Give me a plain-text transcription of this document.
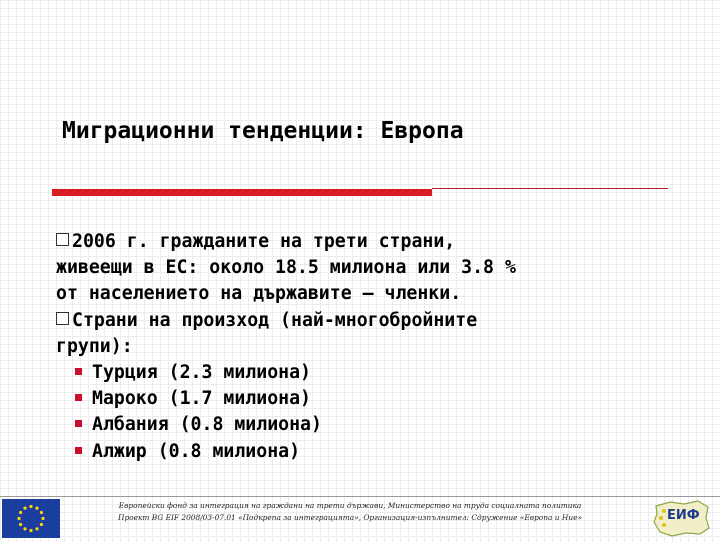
Миграционни тенденции: Европа
2006 г. гражданите на трети страни,
живеещи в ЕС: около 18.5 милиона или 3.8 %
от населението на държавите – членки.
Страни на произход (най-многобройните
групи):
Турция (2.3 милиона)
Мароко (1.7 милиона)
Албания (0.8 милиона)
Алжир (0.8 милиона)
Европейски фонд за интеграция на граждани на трети държави, Министерство на труда социалната политика
Проект BG EIF 2008/03-07.01 «Подкрепа за интеграцията», Организация-изпълнител: Сдружение «Европа и Ние»	ЕИФ
